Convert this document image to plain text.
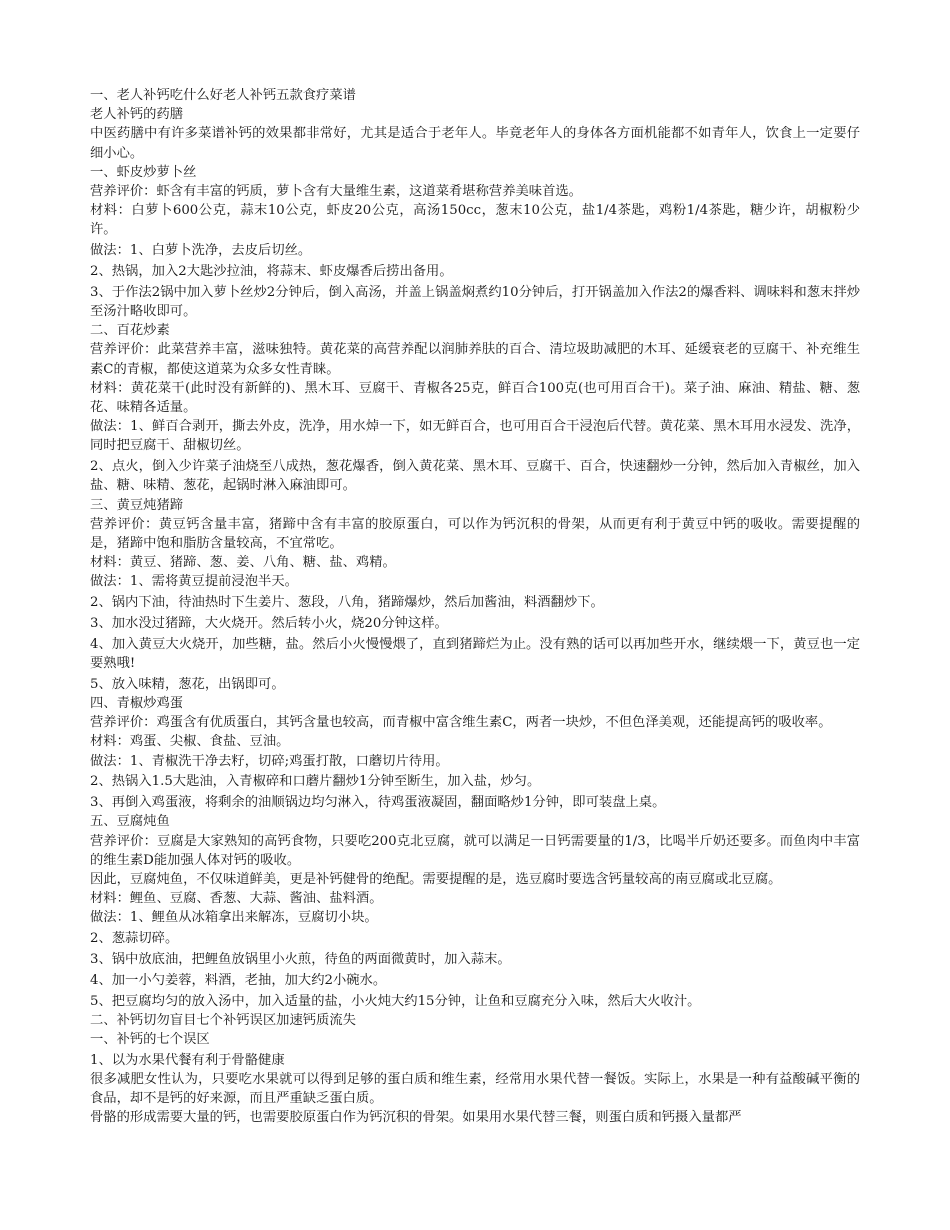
一、老人补钙吃什么好老人补钙五款食疗菜谱

老人补钙的药膳

中医药膳中有许多菜谱补钙的效果都非常好，尤其是适合于老年人。毕竟老年人的身体各方面机能都不如青年人，饮食上一定要仔细小心。

一、虾皮炒萝卜丝

营养评价：虾含有丰富的钙质，萝卜含有大量维生素，这道菜肴堪称营养美味首选。

材料：白萝卜600公克，蒜末10公克，虾皮20公克，高汤150cc，葱末10公克，盐1/4茶匙，鸡粉1/4茶匙，糖少许，胡椒粉少许。

做法：1、白萝卜洗净，去皮后切丝。

2、热锅，加入2大匙沙拉油，将蒜末、虾皮爆香后捞出备用。

3、于作法2锅中加入萝卜丝炒2分钟后，倒入高汤，并盖上锅盖焖煮约10分钟后，打开锅盖加入作法2的爆香料、调味料和葱末拌炒至汤汁略收即可。

二、百花炒素

营养评价：此菜营养丰富，滋味独特。黄花菜的高营养配以润肺养肤的百合、清垃圾助减肥的木耳、延缓衰老的豆腐干、补充维生素C的青椒，都使这道菜为众多女性青睐。

材料：黄花菜干(此时没有新鲜的)、黑木耳、豆腐干、青椒各25克，鲜百合100克(也可用百合干)。菜子油、麻油、精盐、糖、葱花、味精各适量。

做法：1、鲜百合剥开，撕去外皮，洗净，用水焯一下，如无鲜百合，也可用百合干浸泡后代替。黄花菜、黑木耳用水浸发、洗净，同时把豆腐干、甜椒切丝。

2、点火，倒入少许菜子油烧至八成热，葱花爆香，倒入黄花菜、黑木耳、豆腐干、百合，快速翻炒一分钟，然后加入青椒丝，加入盐、糖、味精、葱花，起锅时淋入麻油即可。

三、黄豆炖猪蹄

营养评价：黄豆钙含量丰富，猪蹄中含有丰富的胶原蛋白，可以作为钙沉积的骨架，从而更有利于黄豆中钙的吸收。需要提醒的是，猪蹄中饱和脂肪含量较高，不宜常吃。

材料：黄豆、猪蹄、葱、姜、八角、糖、盐、鸡精。

做法：1、需将黄豆提前浸泡半天。

2、锅内下油，待油热时下生姜片、葱段，八角，猪蹄爆炒，然后加酱油，料酒翻炒下。

3、加水没过猪蹄，大火烧开。然后转小火，烧20分钟这样。

4、加入黄豆大火烧开，加些糖，盐。然后小火慢慢煨了，直到猪蹄烂为止。没有熟的话可以再加些开水，继续煨一下，黄豆也一定要熟哦!

5、放入味精，葱花，出锅即可。

四、青椒炒鸡蛋

营养评价：鸡蛋含有优质蛋白，其钙含量也较高，而青椒中富含维生素C，两者一块炒，不但色泽美观，还能提高钙的吸收率。

材料：鸡蛋、尖椒、食盐、豆油。

做法：1、青椒洗干净去籽，切碎;鸡蛋打散，口蘑切片待用。

2、热锅入1.5大匙油，入青椒碎和口蘑片翻炒1分钟至断生，加入盐，炒匀。

3、再倒入鸡蛋液，将剩余的油顺锅边均匀淋入，待鸡蛋液凝固，翻面略炒1分钟，即可装盘上桌。

五、豆腐炖鱼

营养评价：豆腐是大家熟知的高钙食物，只要吃200克北豆腐，就可以满足一日钙需要量的1/3，比喝半斤奶还要多。而鱼肉中丰富的维生素D能加强人体对钙的吸收。

因此，豆腐炖鱼，不仅味道鲜美，更是补钙健骨的绝配。需要提醒的是，选豆腐时要选含钙量较高的南豆腐或北豆腐。

材料：鲤鱼、豆腐、香葱、大蒜、酱油、盐料酒。

做法：1、鲤鱼从冰箱拿出来解冻，豆腐切小块。

2、葱蒜切碎。

3、锅中放底油，把鲤鱼放锅里小火煎，待鱼的两面微黄时，加入蒜末。

4、加一小勺姜蓉，料酒，老抽，加大约2小碗水。

5、把豆腐均匀的放入汤中，加入适量的盐，小火炖大约15分钟，让鱼和豆腐充分入味，然后大火收汁。

二、补钙切勿盲目七个补钙误区加速钙质流失

一、补钙的七个误区

1、以为水果代餐有利于骨骼健康

很多减肥女性认为，只要吃水果就可以得到足够的蛋白质和维生素，经常用水果代替一餐饭。实际上，水果是一种有益酸碱平衡的食品，却不是钙的好来源，而且严重缺乏蛋白质。

骨骼的形成需要大量的钙，也需要胶原蛋白作为钙沉积的骨架。如果用水果代替三餐，则蛋白质和钙摄入量都严
